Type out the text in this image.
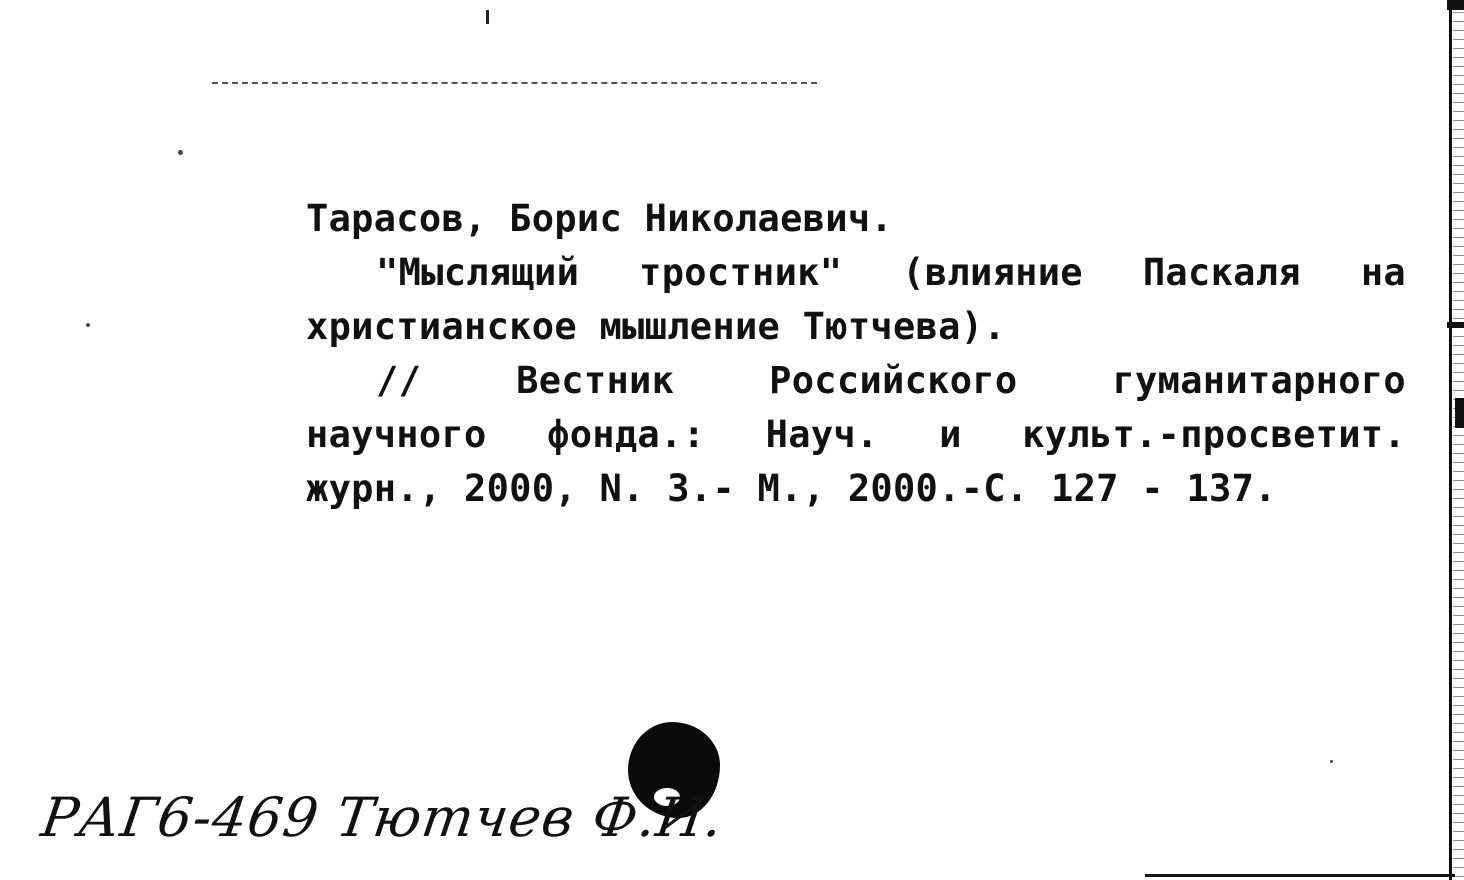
Тарасов, Борис Николаевич.
"Мыслящий тростник" (влияние Паскаля на
христианское мышление Тютчева).
//	Вестник	Российского	гуманитарного
научного фонда.: Науч. и культ.-просветит.
журн., 2000, N. 3.- М., 2000.-С. 127 - 137.
РАГ6-469 Тютчев Ф.И.
